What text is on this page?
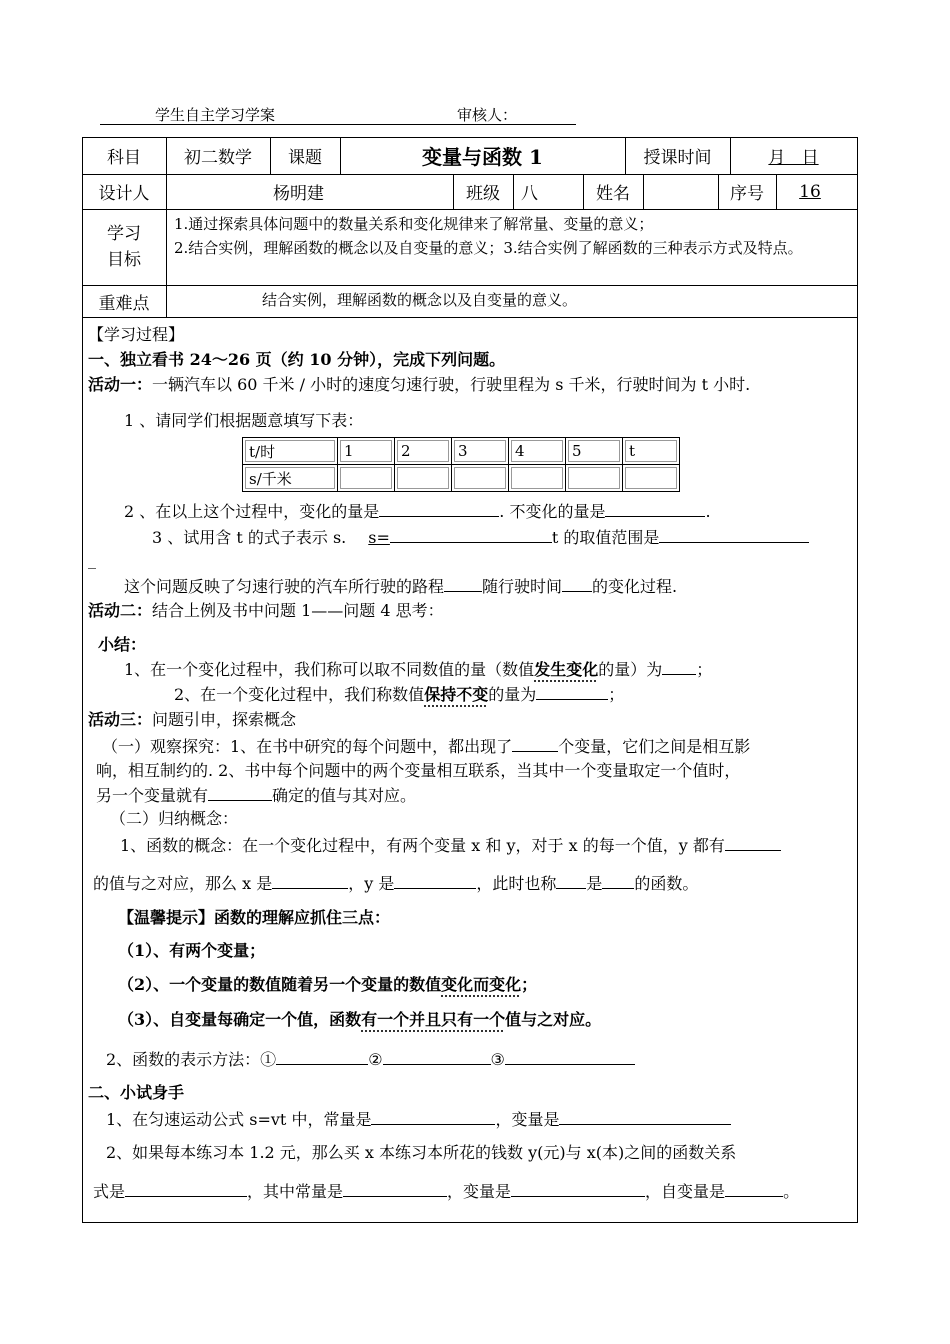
学生自主学习学案	审核人：
科目	初二数学	课题	变量与函数 1	授课时间	月   日
设计人	杨明建	班级	八	姓名	序号	16
学习
目标
1.通过探索具体问题中的数量关系和变化规律来了解常量、变量的意义；
2.结合实例，理解函数的概念以及自变量的意义；3.结合实例了解函数的三种表示方式及特点。
重难点	结合实例，理解函数的概念以及自变量的意义。
【学习过程】
一、独立看书 24～26 页（约 10 分钟），完成下列问题。
活动一：一辆汽车以 60 千米 / 小时的速度匀速行驶，行驶里程为 s 千米，行驶时间为 t 小时.
1 、请同学们根据题意填写下表：
t/时	1	2	3	4	5	t
s/千米						
2 、在以上这个过程中，变化的量是	. 不变化的量是	.
3 、试用含 t 的式子表示 s. s=	t 的取值范围是
_
这个问题反映了匀速行驶的汽车所行驶的路程 随行驶时间 的变化过程.
活动二：结合上例及书中问题 1——问题 4 思考：
小结：
1、在一个变化过程中，我们称可以取不同数值的量（数值发生变化的量）为 ；
2、在一个变化过程中，我们称数值保持不变的量为	；
活动三：问题引申，探索概念
（一）观察探究：1、在书中研究的每个问题中，都出现了	个变量，它们之间是相互影
响，相互制约的. 2、书中每个问题中的两个变量相互联系，当其中一个变量取定一个值时，
另一个变量就有	确定的值与其对应。
（二）归纳概念：
1、函数的概念：在一个变化过程中，有两个变量 x 和 y，对于 x 的每一个值，y 都有
的值与之对应，那么 x 是	，y 是	，此时也称 是 的函数。
【温馨提示】函数的理解应抓住三点：
（1）、有两个变量；
（2）、一个变量的数值随着另一个变量的数值变化而变化；
（3）、自变量每确定一个值，函数有一个并且只有一个值与之对应。
2、函数的表示方法：①	②	③
二、小试身手
1、在匀速运动公式 s=vt 中，常量是	，变量是
2、如果每本练习本 1.2 元，那么买 x 本练习本所花的钱数 y(元)与 x(本)之间的函数关系
式是	，其中常量是	，变量是	，自变量是	。
